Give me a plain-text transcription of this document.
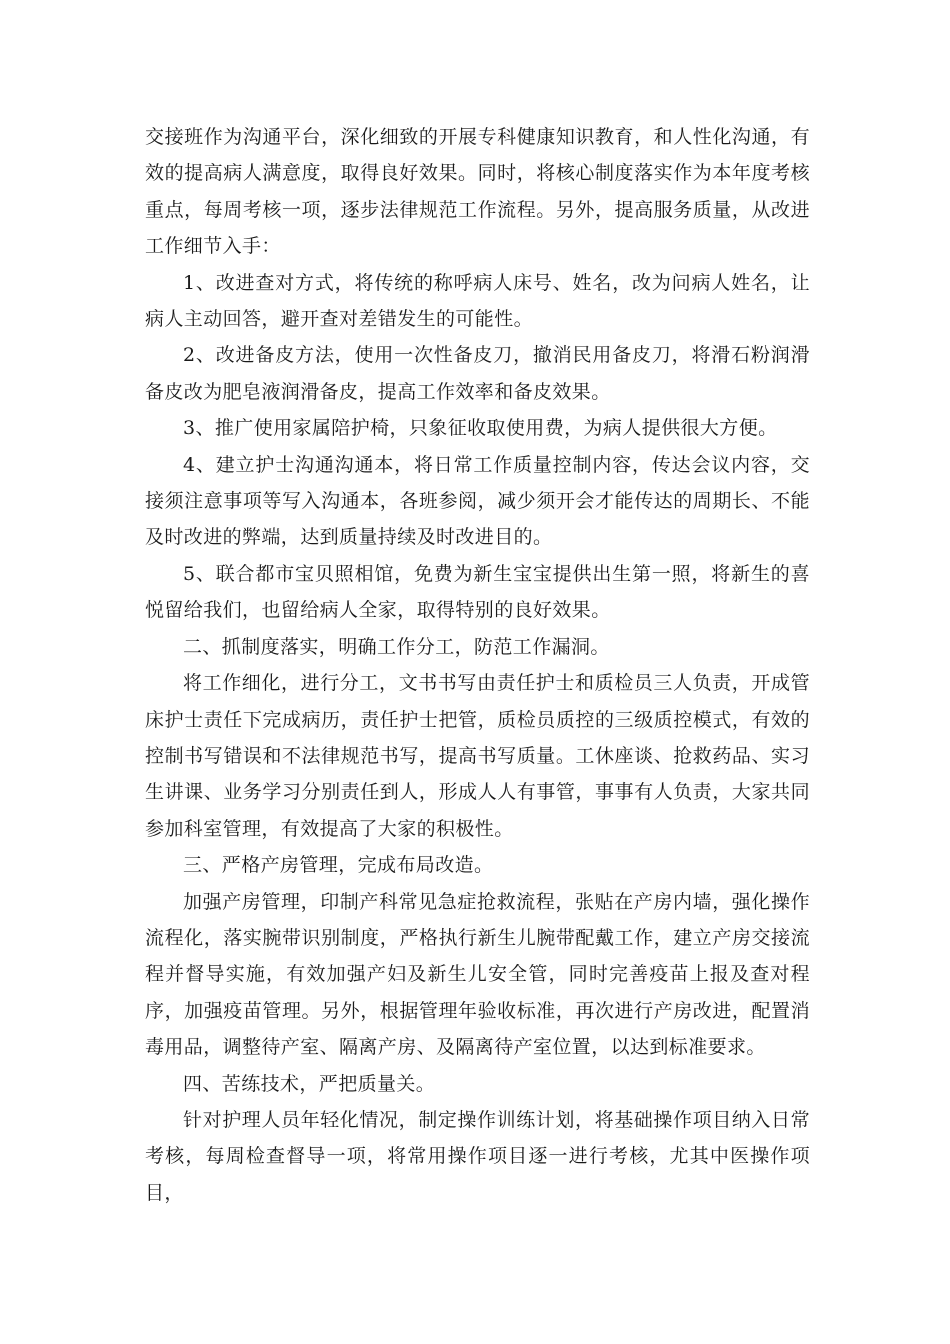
交接班作为沟通平台，深化细致的开展专科健康知识教育，和人性化沟通，有效的提高病人满意度，取得良好效果。同时，将核心制度落实作为本年度考核重点，每周考核一项，逐步法律规范工作流程。另外，提高服务质量，从改进工作细节入手：

1、改进查对方式，将传统的称呼病人床号、姓名，改为问病人姓名，让病人主动回答，避开查对差错发生的可能性。

2、改进备皮方法，使用一次性备皮刀，撤消民用备皮刀，将滑石粉润滑备皮改为肥皂液润滑备皮，提高工作效率和备皮效果。

3、推广使用家属陪护椅，只象征收取使用费，为病人提供很大方便。

4、建立护士沟通沟通本，将日常工作质量控制内容，传达会议内容，交接须注意事项等写入沟通本，各班参阅，减少须开会才能传达的周期长、不能及时改进的弊端，达到质量持续及时改进目的。

5、联合都市宝贝照相馆，免费为新生宝宝提供出生第一照，将新生的喜悦留给我们，也留给病人全家，取得特别的良好效果。

二、抓制度落实，明确工作分工，防范工作漏洞。

将工作细化，进行分工，文书书写由责任护士和质检员三人负责，开成管床护士责任下完成病历，责任护士把管，质检员质控的三级质控模式，有效的控制书写错误和不法律规范书写，提高书写质量。工休座谈、抢救药品、实习生讲课、业务学习分别责任到人，形成人人有事管，事事有人负责，大家共同参加科室管理，有效提高了大家的积极性。

三、严格产房管理，完成布局改造。

加强产房管理，印制产科常见急症抢救流程，张贴在产房内墙，强化操作流程化，落实腕带识别制度，严格执行新生儿腕带配戴工作，建立产房交接流程并督导实施，有效加强产妇及新生儿安全管，同时完善疫苗上报及查对程序，加强疫苗管理。另外，根据管理年验收标准，再次进行产房改进，配置消毒用品，调整待产室、隔离产房、及隔离待产室位置，以达到标准要求。

四、苦练技术，严把质量关。

针对护理人员年轻化情况，制定操作训练计划，将基础操作项目纳入日常考核，每周检查督导一项，将常用操作项目逐一进行考核，尤其中医操作项目，
